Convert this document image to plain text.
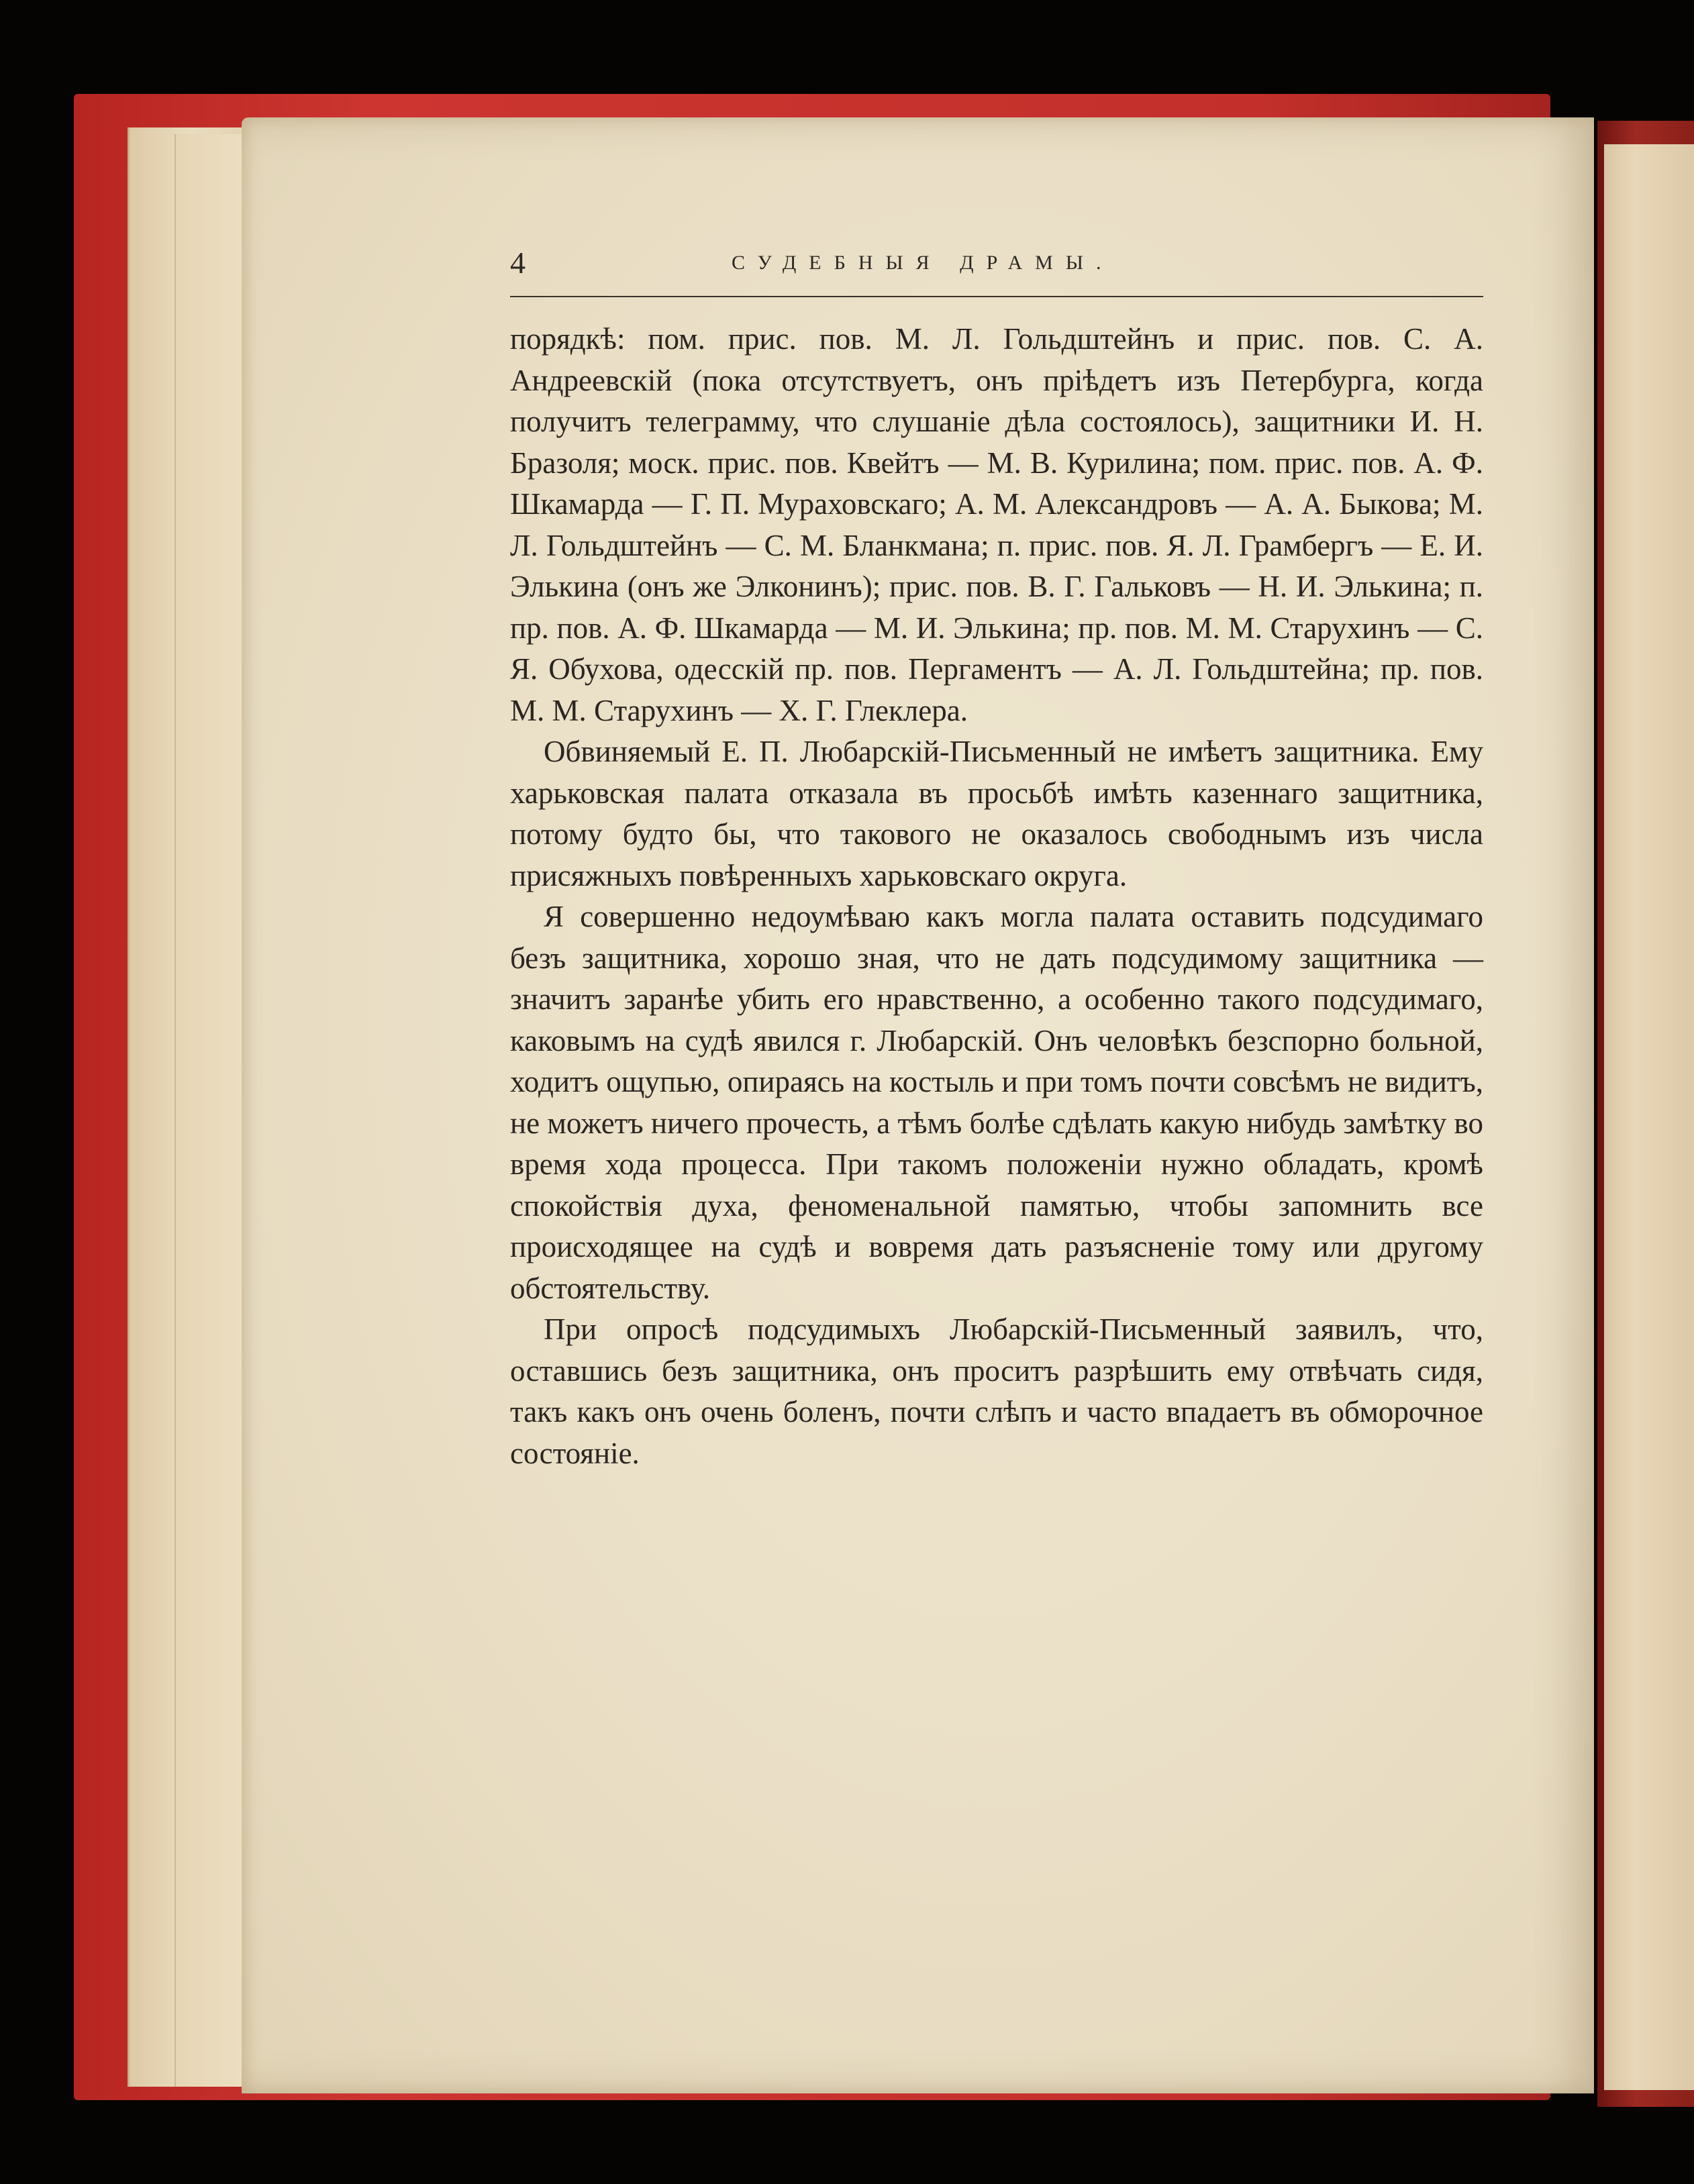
4	СУДЕБНЫЯ ДРАМЫ.

порядкѣ: пом. прис. пов. М. Л. Гольдштейнъ и прис. пов. С. А. Андреевскiй (пока отсутствуетъ, онъ прiѣдетъ изъ Петербурга, когда получитъ телеграмму, что слушанiе дѣла состоялось), защитники И. Н. Бразоля; моск. прис. пов. Квейтъ — М. В. Курилина; пом. прис. пов. А. Ф. Шкамарда — Г. П. Мураховскаго; А. М. Александровъ — А. А. Быкова; М. Л. Гольдштейнъ — С. М. Бланкмана; п. прис. пов. Я. Л. Грамбергъ — Е. И. Элькина (онъ же Элконинъ); прис. пов. В. Г. Гальковъ — Н. И. Элькина; п. пр. пов. А. Ф. Шкамарда — М. И. Элькина; пр. пов. М. М. Старухинъ — С. Я. Обухова, одесскiй пр. пов. Пергаментъ — А. Л. Гольдштейна; пр. пов. М. М. Старухинъ — Х. Г. Глеклера.

Обвиняемый Е. П. Любарскiй-Письменный не имѣетъ защитника. Ему харьковская палата отказала въ просьбѣ имѣть казеннаго защитника, потому будто бы, что такового не оказалось свободнымъ изъ числа присяжныхъ повѣренныхъ харьковскаго округа.

Я совершенно недоумѣваю какъ могла палата оставить подсудимаго безъ защитника, хорошо зная, что не дать подсудимому защитника — значитъ заранѣе убить его нравственно, а особенно такого подсудимаго, каковымъ на судѣ явился г. Любарскiй. Онъ человѣкъ безспорно больной, ходитъ ощупью, опираясь на костыль и при томъ почти совсѣмъ не видитъ, не можетъ ничего прочесть, а тѣмъ болѣе сдѣлать какую нибудь замѣтку во время хода процесса. При такомъ положенiи нужно обладать, кромѣ спокойствiя духа, феноменальной памятью, чтобы запомнить все происходящее на судѣ и вовремя дать разъясненiе тому или другому обстоятельству.

При опросѣ подсудимыхъ Любарскiй-Письменный заявилъ, что, оставшись безъ защитника, онъ проситъ разрѣшить ему отвѣчать сидя, такъ какъ онъ очень боленъ, почти слѣпъ и часто впадаетъ въ обморочное состоянiе.
